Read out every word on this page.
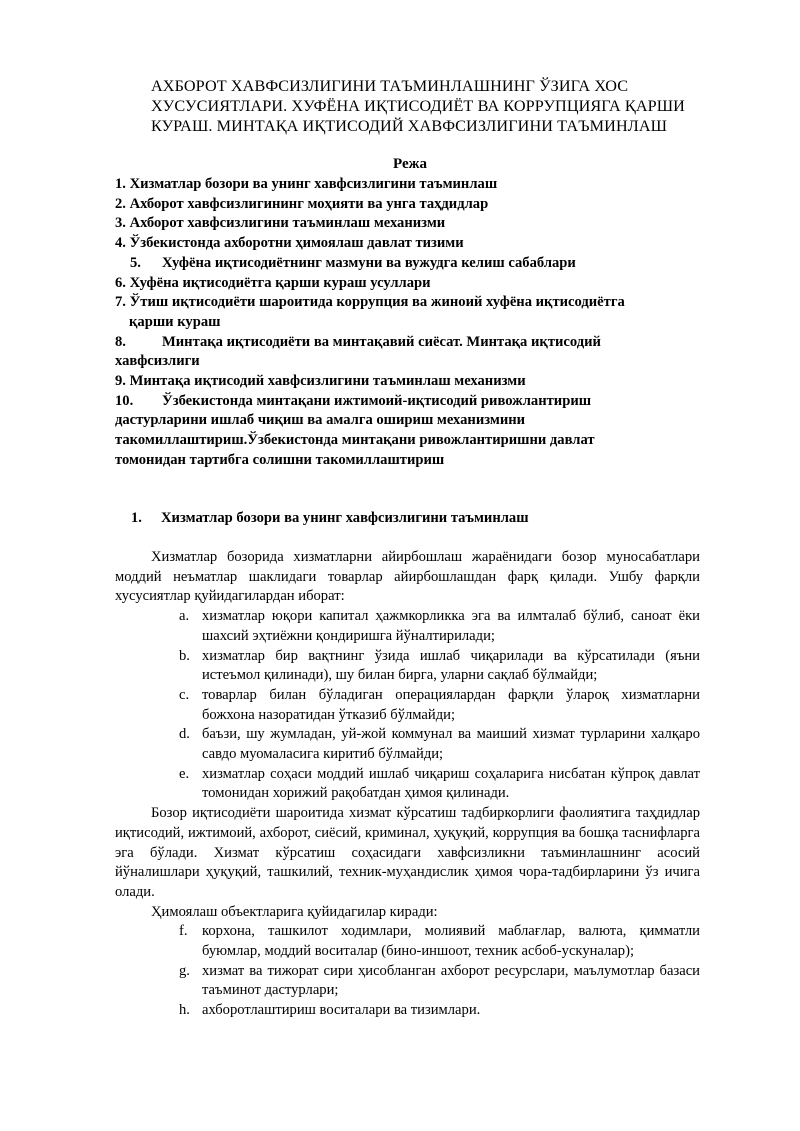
АХБОРОТ ХАВФСИЗЛИГИНИ ТАЪМИНЛАШНИНГ ЎЗИГА ХОС
ХУСУСИЯТЛАРИ. ХУФЁНА ИҚТИСОДИЁТ ВА КОРРУПЦИЯГА ҚАРШИ
КУРАШ. МИНТАҚА ИҚТИСОДИЙ ХАВФСИЗЛИГИНИ ТАЪМИНЛАШ
Режа
1. Хизматлар бозори ва унинг хавфсизлигини таъминлаш
2. Ахборот хавфсизлигининг моҳияти ва унга таҳдидлар
3. Ахборот хавфсизлигини таъминлаш механизми
4. Ўзбекистонда ахборотни ҳимоялаш давлат тизими
5. Хуфёна иқтисодиётнинг мазмуни ва вужудга келиш сабаблари
6. Хуфёна иқтисодиётга қарши кураш усуллари
7. Ўтиш иқтисодиёти шароитида коррупция ва жиноий хуфёна иқтисодиётга
қарши кураш
8. Минтақа иқтисодиёти ва минтақавий сиёсат. Минтақа иқтисодий
хавфсизлиги
9. Минтақа иқтисодий хавфсизлигини таъминлаш механизми
10. Ўзбекистонда минтақани ижтимоий-иқтисодий ривожлантириш
дастурларини ишлаб чиқиш ва амалга ошириш механизмини
такомиллаштириш.Ўзбекистонда минтақани ривожлантиришни давлат
томонидан тартибга солишни такомиллаштириш
1. Хизматлар бозори ва унинг хавфсизлигини таъминлаш
Хизматлар бозорида хизматларни айирбошлаш жараёнидаги бозор муносабатлари моддий неъматлар шаклидаги товарлар айирбошлашдан фарқ қилади. Ушбу фарқли хусусиятлар қуйидагилардан иборат:
a. хизматлар юқори капитал ҳажмкорликка эга ва илмталаб бўлиб, саноат ёки шахсий эҳтиёжни қондиришга йўналтирилади;
b. хизматлар бир вақтнинг ўзида ишлаб чиқарилади ва кўрсатилади (яъни истеъмол қилинади), шу билан бирга, уларни сақлаб бўлмайди;
c. товарлар билан бўладиган операциялардан фарқли ўлароқ хизматларни божхона назоратидан ўтказиб бўлмайди;
d. баъзи, шу жумладан, уй-жой коммунал ва маиший хизмат турларини халқаро савдо муомаласига киритиб бўлмайди;
e. хизматлар соҳаси моддий ишлаб чиқариш соҳаларига нисбатан кўпроқ давлат томонидан хорижий рақобатдан ҳимоя қилинади.
Бозор иқтисодиёти шароитида хизмат кўрсатиш тадбиркорлиги фаолиятига таҳдидлар иқтисодий, ижтимоий, ахборот, сиёсий, криминал, ҳуқуқий, коррупция ва бошқа таснифларга эга бўлади. Хизмат кўрсатиш соҳасидаги хавфсизликни таъминлашнинг асосий йўналишлари ҳуқуқий, ташкилий, техник-муҳандислик ҳимоя чора-тадбирларини ўз ичига олади.
Ҳимоялаш объектларига қуйидагилар киради:
f. корхона, ташкилот ходимлари, молиявий маблағлар, валюта, қимматли буюмлар, моддий воситалар (бино-иншоот, техник асбоб-ускуналар);
g. хизмат ва тижорат сири ҳисобланган ахборот ресурслари, маълумотлар базаси таъминот дастурлари;
h. ахборотлаштириш воситалари ва тизимлари.
